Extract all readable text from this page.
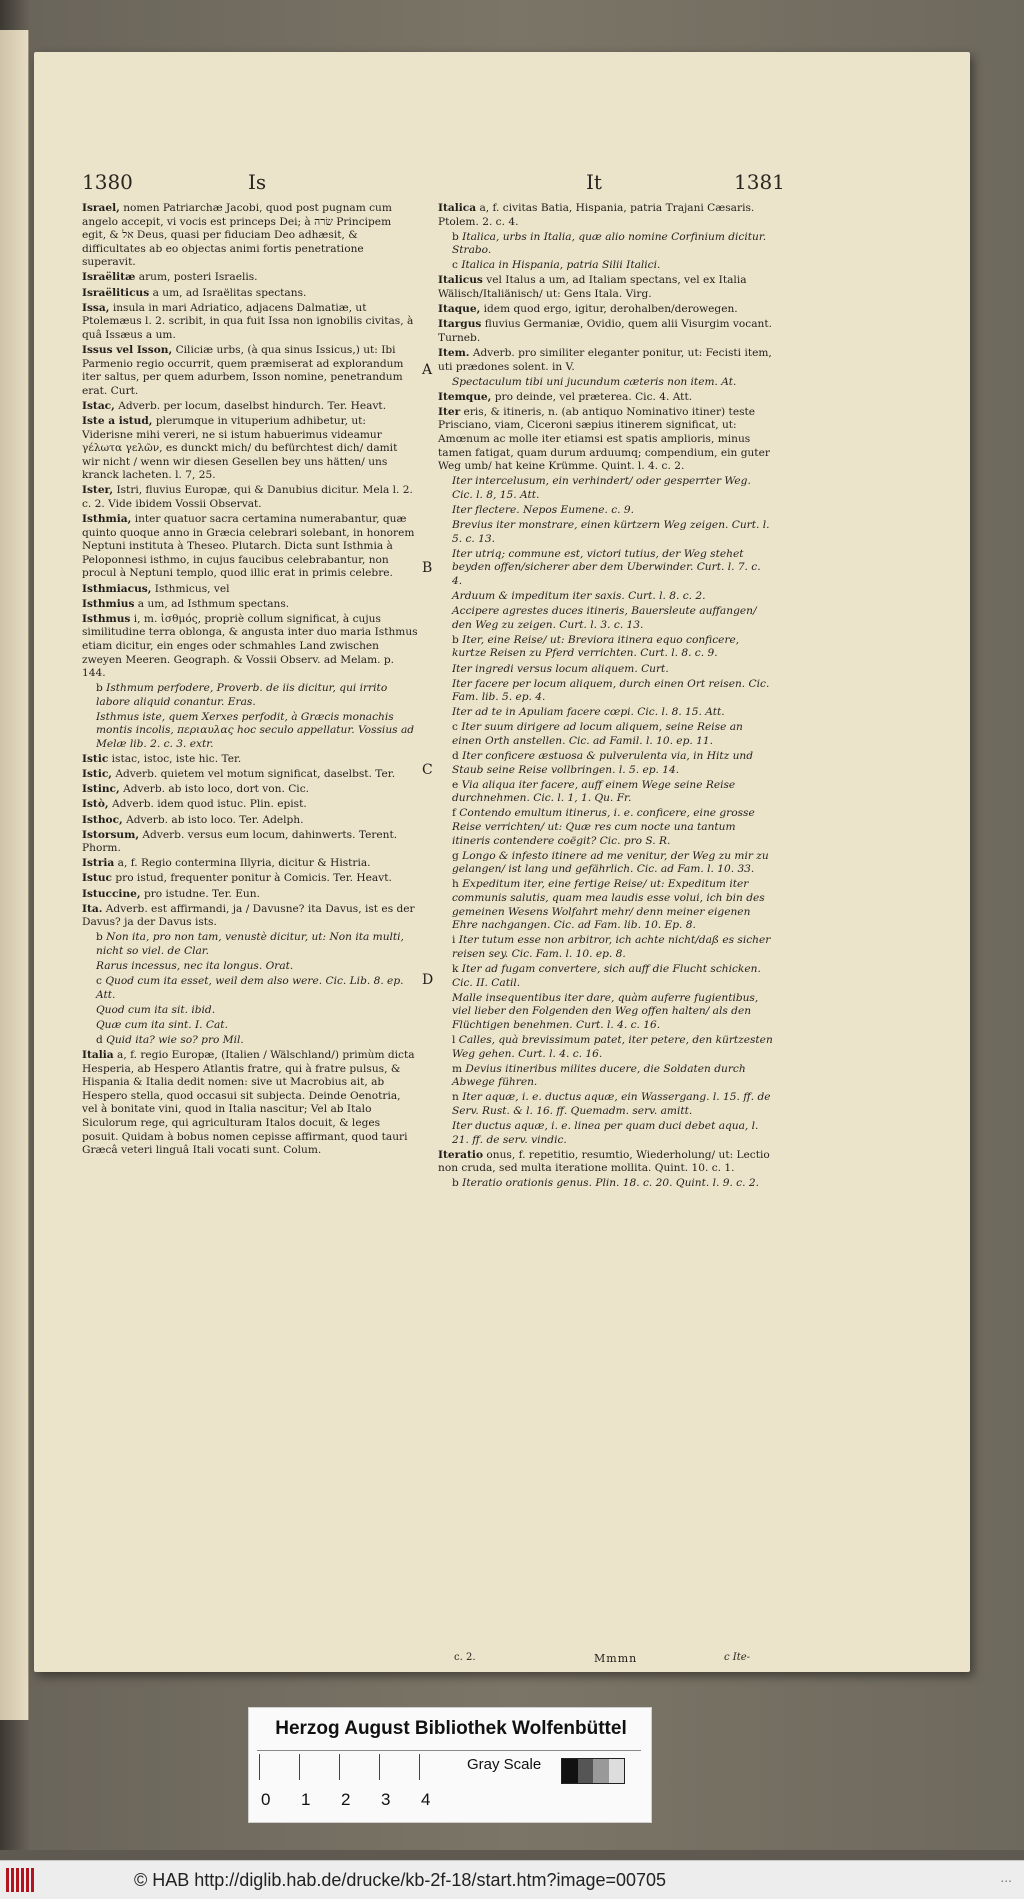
1380	Is	It	1381
Israel, nomen Patriarchæ Jacobi, quod post pugnam cum angelo accepit, vi vocis est princeps Dei; à שׂרה Principem egit, & אל Deus, quasi per fiduciam Deo adhæsit, & difficultates ab eo objectas animi fortis penetratione superavit.
Israëlitæ arum, posteri Israelis.
Israëliticus a um, ad Israëlitas spectans.
Issa, insula in mari Adriatico, adjacens Dalmatiæ, ut Ptolemæus l. 2. scribit, in qua fuit Issa non ignobilis civitas, à quâ Issæus a um.
Issus vel Isson, Ciliciæ urbs, (à qua sinus Issicus,) ut: Ibi Parmenio regio occurrit, quem præmiserat ad explorandum iter saltus, per quem adurbem, Isson nomine, penetrandum erat. Curt.
Istac, Adverb. per locum, daselbst hindurch. Ter. Heavt.
Iste a istud, plerumque in vituperium adhibetur, ut: Viderisne mihi vereri, ne si istum habuerimus videamur γέλωτα γελῶν, es dunckt mich/ du befürchtest dich/ damit wir nicht / wenn wir diesen Gesellen bey uns hätten/ uns kranck lacheten. l. 7, 25.
Ister, Istri, fluvius Europæ, qui & Danubius dicitur. Mela l. 2. c. 2. Vide ibidem Vossii Observat.
Isthmia, inter quatuor sacra certamina numerabantur, quæ quinto quoque anno in Græcia celebrari solebant, in honorem Neptuni instituta à Theseo. Plutarch. Dicta sunt Isthmia à Peloponnesi isthmo, in cujus faucibus celebrabantur, non procul à Neptuni templo, quod illic erat in primis celebre.
Isthmiacus, Isthmicus, vel
Isthmius a um, ad Isthmum spectans.
Isthmus i, m. ἰσθμός, propriè collum significat, à cujus similitudine terra oblonga, & angusta inter duo maria Isthmus etiam dicitur, ein enges oder schmahles Land zwischen zweyen Meeren. Geograph. & Vossii Observ. ad Melam. p. 144.
b Isthmum perfodere, Proverb. de iis dicitur, qui irrito labore aliquid conantur. Eras.
Isthmus iste, quem Xerxes perfodit, à Græcis monachis montis incolis, περιαυλας hoc seculo appellatur. Vossius ad Melæ lib. 2. c. 3. extr.
Istic istac, istoc, iste hic. Ter.
Istic, Adverb. quietem vel motum significat, daselbst. Ter.
Istinc, Adverb. ab isto loco, dort von. Cic.
Istò, Adverb. idem quod istuc. Plin. epist.
Isthoc, Adverb. ab isto loco. Ter. Adelph.
Istorsum, Adverb. versus eum locum, dahinwerts. Terent. Phorm.
Istria a, f. Regio contermina Illyria, dicitur & Histria.
Istuc pro istud, frequenter ponitur à Comicis. Ter. Heavt.
Istuccine, pro istudne. Ter. Eun.
Ita. Adverb. est affirmandi, ja / Davusne? ita Davus, ist es der Davus? ja der Davus ists.
b Non ita, pro non tam, venustè dicitur, ut: Non ita multi, nicht so viel. de Clar.
Rarus incessus, nec ita longus. Orat.
c Quod cum ita esset, weil dem also were. Cic. Lib. 8. ep. Att.
Quod cum ita sit. ibid.
Quæ cum ita sint. I. Cat.
d Quid ita? wie so? pro Mil.
Italia a, f. regio Europæ, (Italien / Wälschland/) primùm dicta Hesperia, ab Hespero Atlantis fratre, qui à fratre pulsus, & Hispania & Italia dedit nomen: sive ut Macrobius ait, ab Hespero stella, quod occasui sit subjecta. Deinde Oenotria, vel à bonitate vini, quod in Italia nascitur; Vel ab Italo Siculorum rege, qui agriculturam Italos docuit, & leges posuit. Quidam à bobus nomen cepisse affirmant, quod tauri Græcâ veteri linguâ Itali vocati sunt. Colum.
Italica a, f. civitas Batia, Hispania, patria Trajani Cæsaris. Ptolem. 2. c. 4.
b Italica, urbs in Italia, quæ alio nomine Corfinium dicitur. Strabo.
c Italica in Hispania, patria Silii Italici.
Italicus vel Italus a um, ad Italiam spectans, vel ex Italia Wälisch/Italiänisch/ ut: Gens Itala. Virg.
Itaque, idem quod ergo, igitur, derohalben/derowegen.
Itargus fluvius Germaniæ, Ovidio, quem alii Visurgim vocant. Turneb.
Item. Adverb. pro similiter eleganter ponitur, ut: Fecisti item, uti prædones solent. in V.
Spectaculum tibi uni jucundum cæteris non item. At.
Itemque, pro deinde, vel præterea. Cic. 4. Att.
Iter eris, & itineris, n. (ab antiquo Nominativo itiner) teste Prisciano, viam, Ciceroni sæpius itinerem significat, ut: Amœnum ac molle iter etiamsi est spatis amplioris, minus tamen fatigat, quam durum arduumq; compendium, ein guter Weg umb/ hat keine Krümme. Quint. l. 4. c. 2.
Iter intercelusum, ein verhindert/ oder gesperrter Weg. Cic. l. 8, 15. Att.
Iter flectere. Nepos Eumene. c. 9.
Brevius iter monstrare, einen kürtzern Weg zeigen. Curt. l. 5. c. 13.
Iter utriq; commune est, victori tutius, der Weg stehet beyden offen/sicherer aber dem Uberwinder. Curt. l. 7. c. 4.
Arduum & impeditum iter saxis. Curt. l. 8. c. 2.
Accipere agrestes duces itineris, Bauersleute auffangen/ den Weg zu zeigen. Curt. l. 3. c. 13.
b Iter, eine Reise/ ut: Breviora itinera equo conficere, kurtze Reisen zu Pferd verrichten. Curt. l. 8. c. 9.
Iter ingredi versus locum aliquem. Curt.
Iter facere per locum aliquem, durch einen Ort reisen. Cic. Fam. lib. 5. ep. 4.
Iter ad te in Apuliam facere cœpi. Cic. l. 8. 15. Att.
c Iter suum dirigere ad locum aliquem, seine Reise an einen Orth anstellen. Cic. ad Famil. l. 10. ep. 11.
d Iter conficere æstuosa & pulverulenta via, in Hitz und Staub seine Reise vollbringen. l. 5. ep. 14.
e Via aliqua iter facere, auff einem Wege seine Reise durchnehmen. Cic. l. 1, 1. Qu. Fr.
f Contendo emultum itinerus, i. e. conficere, eine grosse Reise verrichten/ ut: Quæ res cum nocte una tantum itineris contendere coëgit? Cic. pro S. R.
g Longo & infesto itinere ad me venitur, der Weg zu mir zu gelangen/ ist lang und gefährlich. Cic. ad Fam. l. 10. 33.
h Expeditum iter, eine fertige Reise/ ut: Expeditum iter communis salutis, quam mea laudis esse volui, ich bin des gemeinen Wesens Wolfahrt mehr/ denn meiner eigenen Ehre nachgangen. Cic. ad Fam. lib. 10. Ep. 8.
i Iter tutum esse non arbitror, ich achte nicht/daß es sicher reisen sey. Cic. Fam. l. 10. ep. 8.
k Iter ad fugam convertere, sich auff die Flucht schicken. Cic. II. Catil.
Malle insequentibus iter dare, quàm auferre fugientibus, viel lieber den Folgenden den Weg offen halten/ als den Flüchtigen benehmen. Curt. l. 4. c. 16.
l Calles, quà brevissimum patet, iter petere, den kürtzesten Weg gehen. Curt. l. 4. c. 16.
m Devius itineribus milites ducere, die Soldaten durch Abwege führen.
n Iter aquæ, i. e. ductus aquæ, ein Wassergang. l. 15. ff. de Serv. Rust. & l. 16. ff. Quemadm. serv. amitt.
Iter ductus aquæ, i. e. linea per quam duci debet aqua, l. 21. ff. de serv. vindic.
Iteratio onus, f. repetitio, resumtio, Wiederholung/ ut: Lectio non cruda, sed multa iteratione mollita. Quint. 10. c. 1.
b Iteratio orationis genus. Plin. 18. c. 20. Quint. l. 9. c. 2.
A
B
C
D
c. 2.	Mmmn	c Ite-
Herzog August Bibliothek Wolfenbüttel
0 1 2 3 4
Gray Scale
© HAB http://diglib.hab.de/drucke/kb-2f-18/start.htm?image=00705	...
